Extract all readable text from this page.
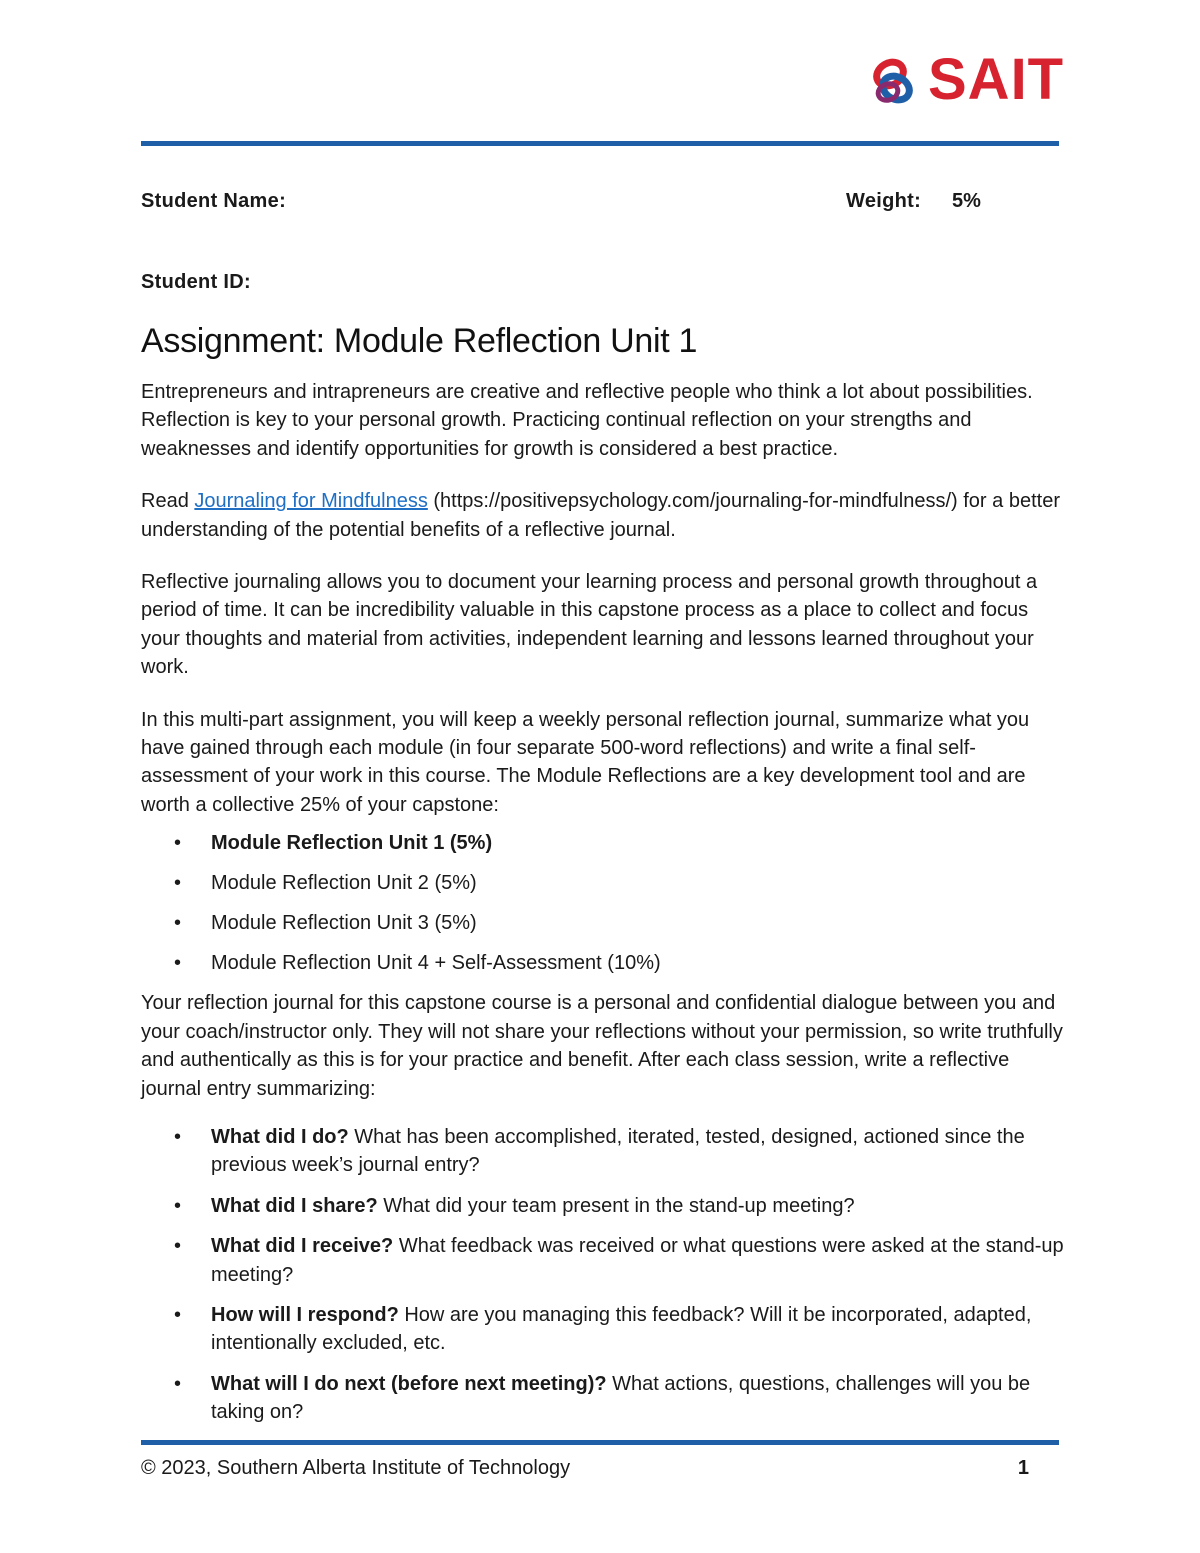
SAIT
Student Name:	Weight: 5%
Student ID:
Assignment: Module Reflection Unit 1

Entrepreneurs and intrapreneurs are creative and reflective people who think a lot about possibilities. Reflection is key to your personal growth. Practicing continual reflection on your strengths and weaknesses and identify opportunities for growth is considered a best practice.

Read Journaling for Mindfulness (https://positivepsychology.com/journaling-for-mindfulness/) for a better understanding of the potential benefits of a reflective journal.

Reflective journaling allows you to document your learning process and personal growth throughout a period of time. It can be incredibility valuable in this capstone process as a place to collect and focus your thoughts and material from activities, independent learning and lessons learned throughout your work.

In this multi-part assignment, you will keep a weekly personal reflection journal, summarize what you have gained through each module (in four separate 500-word reflections) and write a final self-assessment of your work in this course. The Module Reflections are a key development tool and are worth a collective 25% of your capstone:

• Module Reflection Unit 1 (5%)
• Module Reflection Unit 2 (5%)
• Module Reflection Unit 3 (5%)
• Module Reflection Unit 4 + Self-Assessment (10%)

Your reflection journal for this capstone course is a personal and confidential dialogue between you and your coach/instructor only. They will not share your reflections without your permission, so write truthfully and authentically as this is for your practice and benefit. After each class session, write a reflective journal entry summarizing:

• What did I do? What has been accomplished, iterated, tested, designed, actioned since the previous week’s journal entry?
• What did I share? What did your team present in the stand-up meeting?
• What did I receive? What feedback was received or what questions were asked at the stand-up meeting?
• How will I respond? How are you managing this feedback? Will it be incorporated, adapted, intentionally excluded, etc.
• What will I do next (before next meeting)? What actions, questions, challenges will you be taking on?
© 2023, Southern Alberta Institute of Technology	1
